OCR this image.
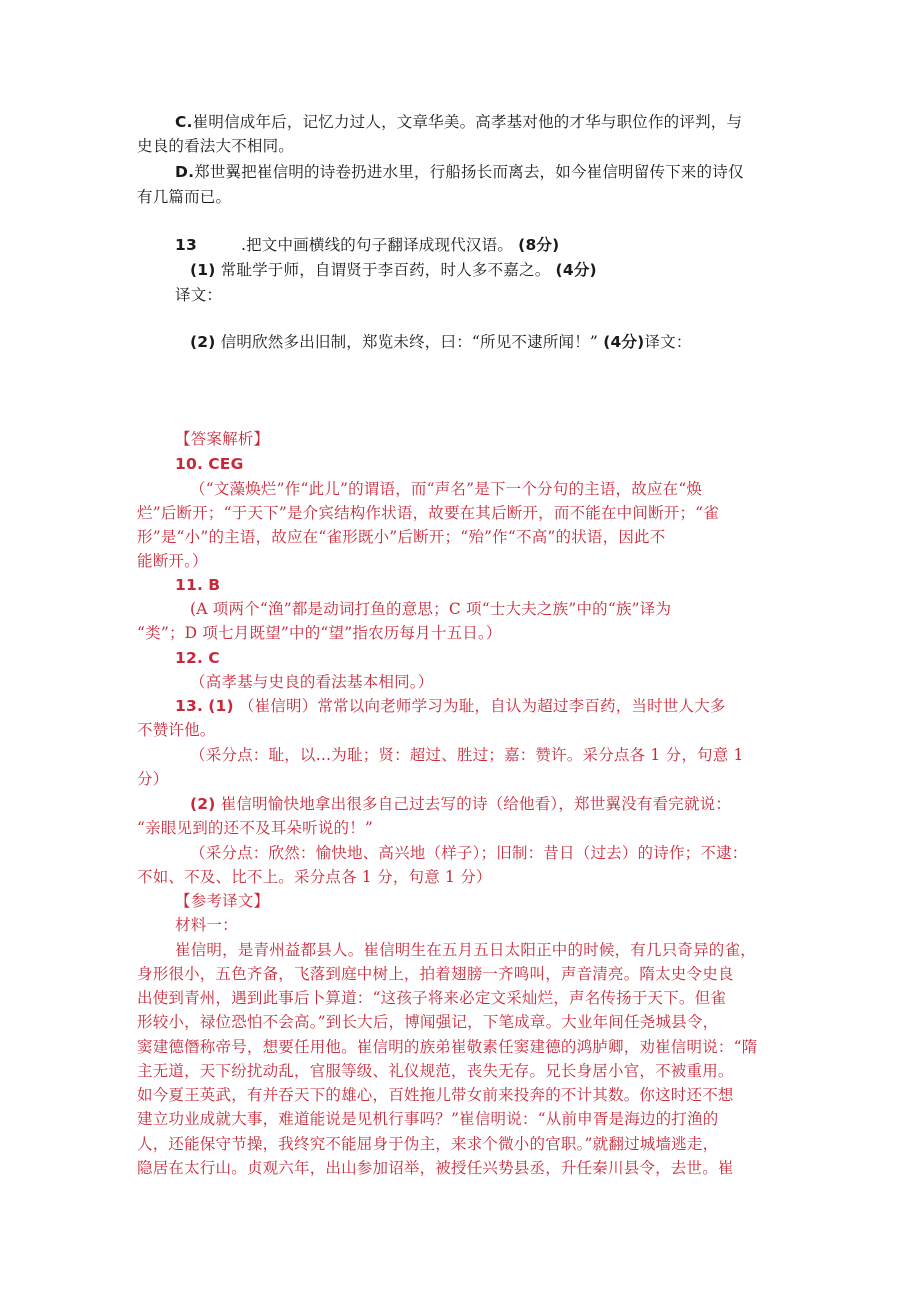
C.崔明信成年后，记忆力过人，文章华美。高孝基对他的才华与职位作的评判，与
史良的看法大不相同。
D.郑世翼把崔信明的诗卷扔进水里，行船扬长而离去，如今崔信明留传下来的诗仅
有几篇而已。
13	.把文中画横线的句子翻译成现代汉语。 (8分)
(1) 常耻学于师，自谓贤于李百药，时人多不嘉之。 (4分)
译文：
(2) 信明欣然多出旧制，郑览未终，曰：“所见不逮所闻！” (4分)译文：
【答案解析】
10. CEG
（“文藻焕烂”作“此儿”的谓语，而“声名”是下一个分句的主语，故应在“焕
烂”后断开；“于天下”是介宾结构作状语，故要在其后断开，而不能在中间断开；“雀
形”是“小”的主语，故应在“雀形既小”后断开；“殆”作“不高”的状语，因此不
能断开。）
11. B
(A 项两个“渔”都是动词打鱼的意思；C 项“士大夫之族”中的“族”译为
“类”；D 项七月既望”中的“望”指农历每月十五日。）
12. C
（高孝基与史良的看法基本相同。）
13. (1) （崔信明）常常以向老师学习为耻，自认为超过李百药，当时世人大多
不赞许他。
（采分点：耻，以…为耻；贤：超过、胜过；嘉：赞许。采分点各 1 分，句意 1
分）
(2) 崔信明愉快地拿出很多自己过去写的诗（给他看），郑世翼没有看完就说：
“亲眼见到的还不及耳朵听说的！”
（采分点：欣然：愉快地、高兴地（样子）；旧制：昔日（过去）的诗作；不逮：
不如、不及、比不上。采分点各 1 分，句意 1 分）
【参考译文】
材料一：
崔信明，是青州益都县人。崔信明生在五月五日太阳正中的时候，有几只奇异的雀，
身形很小，五色齐备，飞落到庭中树上，拍着翅膀一齐鸣叫，声音清亮。隋太史令史良
出使到青州，遇到此事后卜算道：“这孩子将来必定文采灿烂，声名传扬于天下。但雀
形较小，禄位恐怕不会高。”到长大后，博闻强记，下笔成章。大业年间任尧城县令，
窦建德僭称帝号，想要任用他。崔信明的族弟崔敬素任窦建德的鸿胪卿，劝崔信明说：“隋
主无道，天下纷扰动乱，官服等级、礼仪规范，丧失无存。兄长身居小官，不被重用。
如今夏王英武，有并吞天下的雄心，百姓拖儿带女前来投奔的不计其数。你这时还不想
建立功业成就大事，难道能说是见机行事吗？”崔信明说：“从前申胥是海边的打渔的
人，还能保守节操，我终究不能屈身于伪主，来求个微小的官职。”就翻过城墙逃走，
隐居在太行山。贞观六年，出山参加诏举，被授任兴势县丞，升任秦川县令，去世。崔
